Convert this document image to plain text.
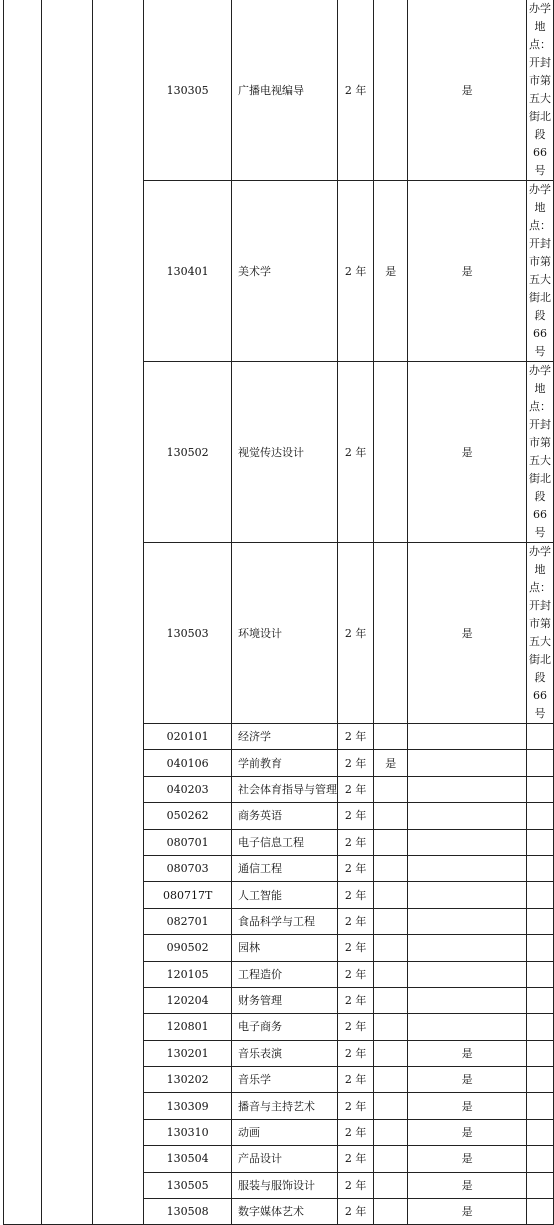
			130305	广播电视编导	2 年		是	办学地点：开封市第五大街北段 66 号
			130401	美术学	2 年	是	是	办学地点：开封市第五大街北段 66 号
			130502	视觉传达设计	2 年		是	办学地点：开封市第五大街北段 66 号
			130503	环境设计	2 年		是	办学地点：开封市第五大街北段 66 号
			020101	经济学	2 年			
			040106	学前教育	2 年	是		
			040203	社会体育指导与管理	2 年			
			050262	商务英语	2 年			
			080701	电子信息工程	2 年			
			080703	通信工程	2 年			
			080717T	人工智能	2 年			
			082701	食品科学与工程	2 年			
			090502	园林	2 年			
			120105	工程造价	2 年			
			120204	财务管理	2 年			
			120801	电子商务	2 年			
			130201	音乐表演	2 年		是	
			130202	音乐学	2 年		是	
			130309	播音与主持艺术	2 年		是	
			130310	动画	2 年		是	
			130504	产品设计	2 年		是	
			130505	服装与服饰设计	2 年		是	
			130508	数字媒体艺术	2 年		是	
